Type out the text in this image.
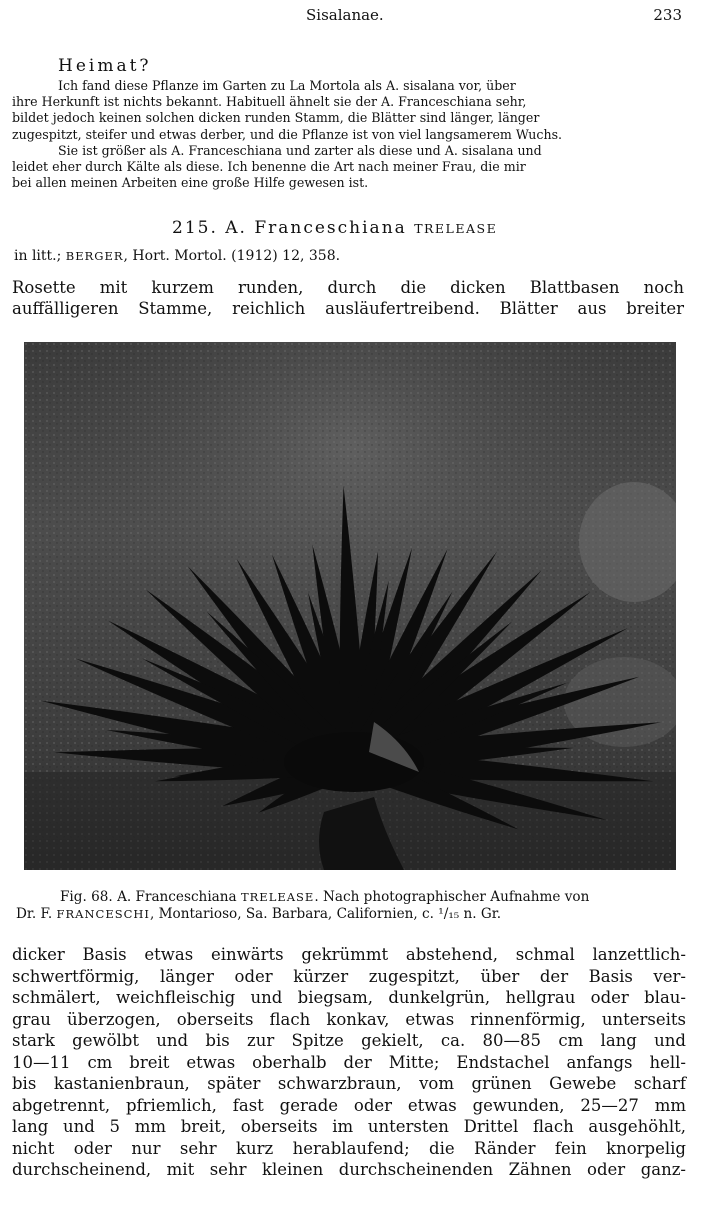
Sisalanae.	233
Heimat?
Ich fand diese Pflanze im Garten zu La Mortola als A. sisalana vor, über
ihre Herkunft ist nichts bekannt. Habituell ähnelt sie der A. Franceschiana sehr,
bildet jedoch keinen solchen dicken runden Stamm, die Blätter sind länger, länger
zugespitzt, steifer und etwas derber, und die Pflanze ist von viel langsamerem Wuchs.
Sie ist größer als A. Franceschiana und zarter als diese und A. sisalana und
leidet eher durch Kälte als diese. Ich benenne die Art nach meiner Frau, die mir
bei allen meinen Arbeiten eine große Hilfe gewesen ist.
215. A. Franceschiana TRELEASE
in litt.; BERGER, Hort. Mortol. (1912) 12, 358.
Rosette mit kurzem runden, durch die dicken Blattbasen noch
auffälligeren Stamme, reichlich ausläufertreibend. Blätter aus breiter
Fig. 68. A. Franceschiana TRELEASE. Nach photographischer Aufnahme von
Dr. F. FRANCESCHI, Montarioso, Sa. Barbara, Californien, c. ¹/₁₅ n. Gr.
dicker Basis etwas einwärts gekrümmt abstehend, schmal lanzettlich-
schwertförmig, länger oder kürzer zugespitzt, über der Basis ver-
schmälert, weichfleischig und biegsam, dunkelgrün, hellgrau oder blau-
grau überzogen, oberseits flach konkav, etwas rinnenförmig, unterseits
stark gewölbt und bis zur Spitze gekielt, ca. 80—85 cm lang und
10—11 cm breit etwas oberhalb der Mitte; Endstachel anfangs hell-
bis kastanienbraun, später schwarzbraun, vom grünen Gewebe scharf
abgetrennt, pfriemlich, fast gerade oder etwas gewunden, 25—27 mm
lang und 5 mm breit, oberseits im untersten Drittel flach ausgehöhlt,
nicht oder nur sehr kurz herablaufend; die Ränder fein knorpelig
durchscheinend, mit sehr kleinen durchscheinenden Zähnen oder ganz-
